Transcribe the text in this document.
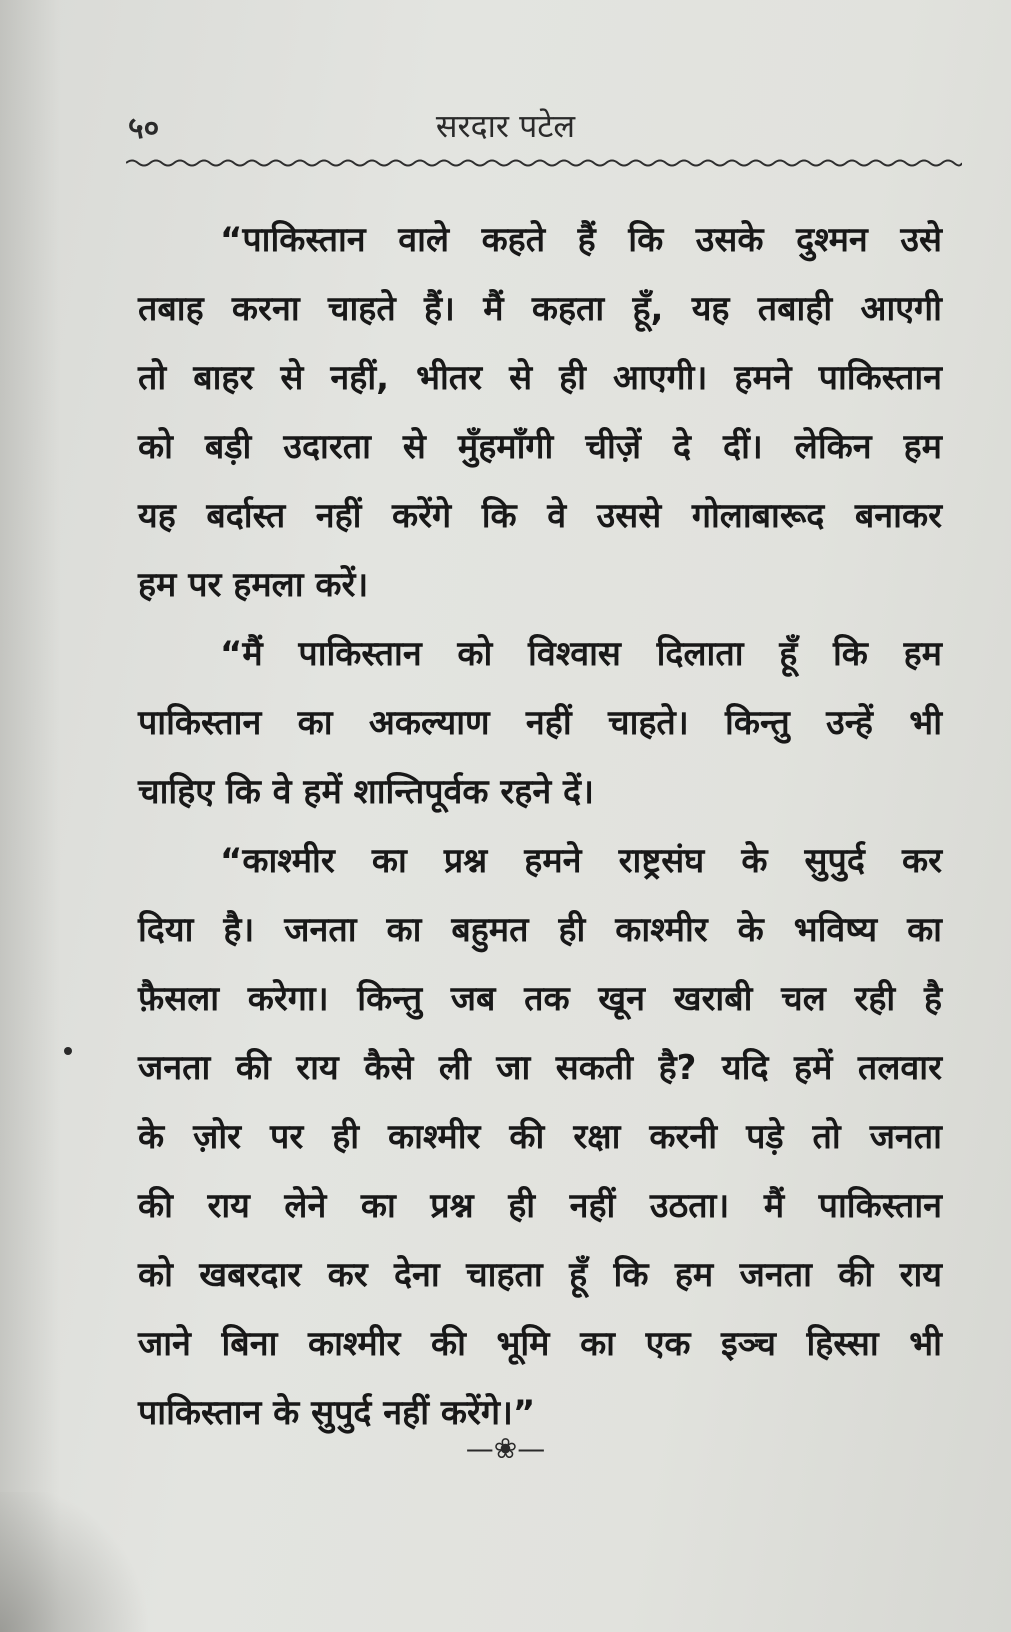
५०	सरदार पटेल
“पाकिस्तान वाले कहते हैं कि उसके दुश्मन उसे
तबाह करना चाहते हैं। मैं कहता हूँ, यह तबाही आएगी
तो बाहर से नहीं, भीतर से ही आएगी। हमने पाकिस्तान
को बड़ी उदारता से मुँहमाँगी चीज़ें दे दीं। लेकिन हम
यह बर्दास्त नहीं करेंगे कि वे उससे गोलाबारूद बनाकर
हम पर हमला करें।
“मैं पाकिस्तान को विश्वास दिलाता हूँ कि हम
पाकिस्तान का अकल्याण नहीं चाहते। किन्तु उन्हें भी
चाहिए कि वे हमें शान्तिपूर्वक रहने दें।
“काश्मीर का प्रश्न हमने राष्ट्रसंघ के सुपुर्द कर
दिया है। जनता का बहुमत ही काश्मीर के भविष्य का
फ़ैसला करेगा। किन्तु जब तक खून खराबी चल रही है
जनता की राय कैसे ली जा सकती है? यदि हमें तलवार
के ज़ोर पर ही काश्मीर की रक्षा करनी पड़े तो जनता
की राय लेने का प्रश्न ही नहीं उठता। मैं पाकिस्तान
को खबरदार कर देना चाहता हूँ कि हम जनता की राय
जाने बिना काश्मीर की भूमि का एक इञ्च हिस्सा भी
पाकिस्तान के सुपुर्द नहीं करेंगे।”
—❀—
